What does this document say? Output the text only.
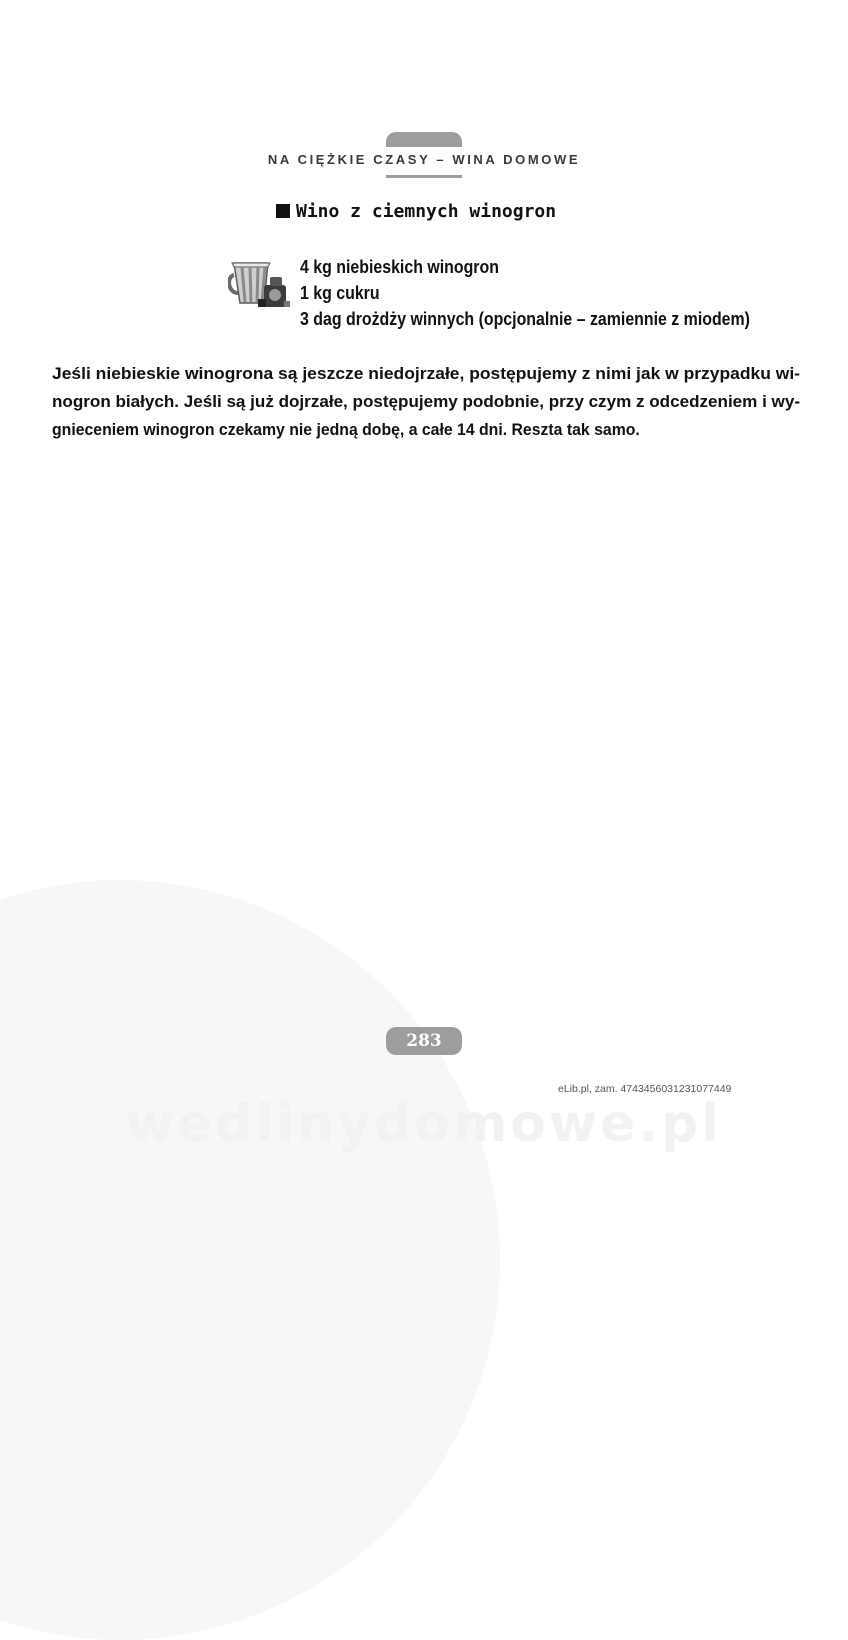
NA CIĘŻKIE CZASY – WINA DOMOWE
Wino z ciemnych winogron
4 kg niebieskich winogron
1 kg cukru
3 dag drożdży winnych (opcjonalnie – zamiennie z miodem)

Jeśli niebieskie winogrona są jeszcze niedojrzałe, postępujemy z nimi jak w przypadku wi-
nogron białych. Jeśli są już dojrzałe, postępujemy podobnie, przy czym z odcedzeniem i wy-
gnieceniem winogron czekamy nie jedną dobę, a całe 14 dni. Reszta tak samo.

283
eLib.pl, zam. 4743456031231077449
wedlinydomowe.pl
